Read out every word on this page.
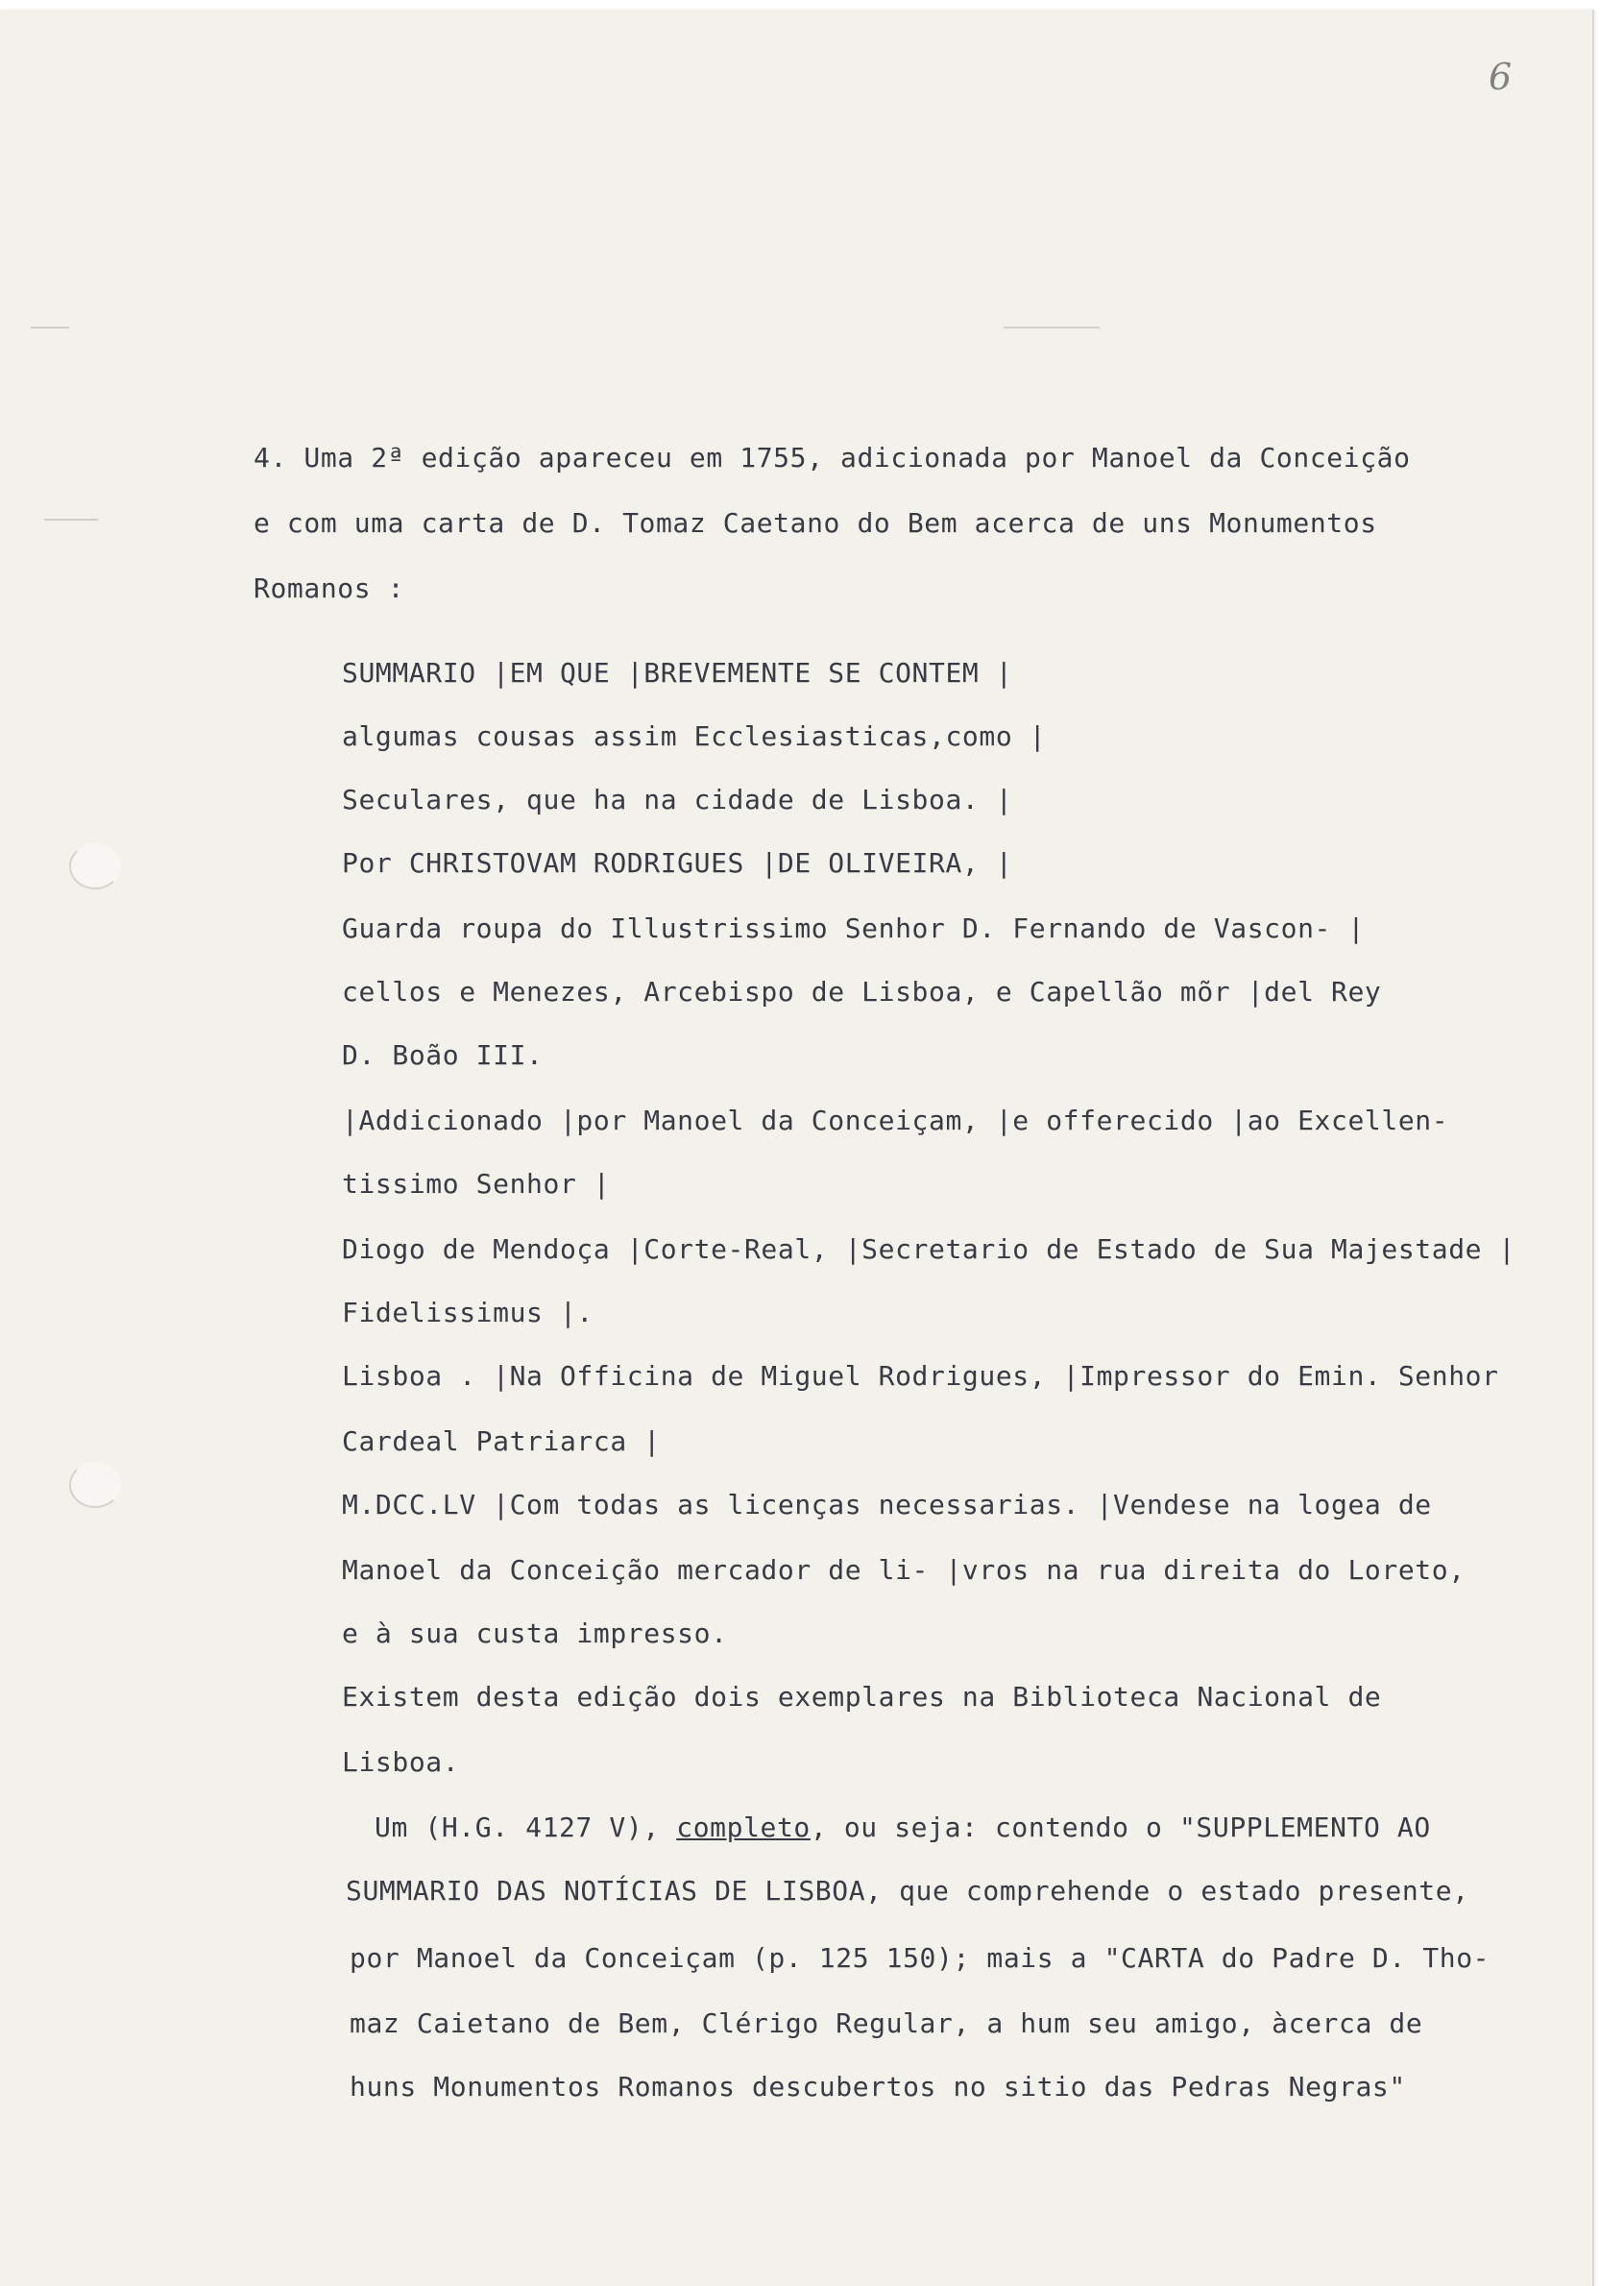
6
4. Uma 2ª edição apareceu em 1755, adicionada por Manoel da Conceição
e com uma carta de D. Tomaz Caetano do Bem acerca de uns Monumentos
Romanos :
SUMMARIO |EM QUE |BREVEMENTE SE CONTEM |
algumas cousas assim Ecclesiasticas,como |
Seculares, que ha na cidade de Lisboa. |
Por CHRISTOVAM RODRIGUES |DE OLIVEIRA, |
Guarda roupa do Illustrissimo Senhor D. Fernando de Vascon- |
cellos e Menezes, Arcebispo de Lisboa, e Capellão mõr |del Rey
D. Boão III.
|Addicionado |por Manoel da Conceiçam, |e offerecido |ao Excellen-
tissimo Senhor |
Diogo de Mendoça |Corte-Real, |Secretario de Estado de Sua Majestade |
Fidelissimus |.
Lisboa . |Na Officina de Miguel Rodrigues, |Impressor do Emin. Senhor
Cardeal Patriarca |
M.DCC.LV |Com todas as licenças necessarias. |Vendese na logea de
Manoel da Conceição mercador de li- |vros na rua direita do Loreto,
e à sua custa impresso.
Existem desta edição dois exemplares na Biblioteca Nacional de
Lisboa.
Um (H.G. 4127 V), completo, ou seja: contendo o "SUPPLEMENTO AO
SUMMARIO DAS NOTÍCIAS DE LISBOA, que comprehende o estado presente,
por Manoel da Conceiçam (p. 125 150); mais a "CARTA do Padre D. Tho-
maz Caietano de Bem, Clérigo Regular, a hum seu amigo, àcerca de
huns Monumentos Romanos descubertos no sitio das Pedras Negras"
